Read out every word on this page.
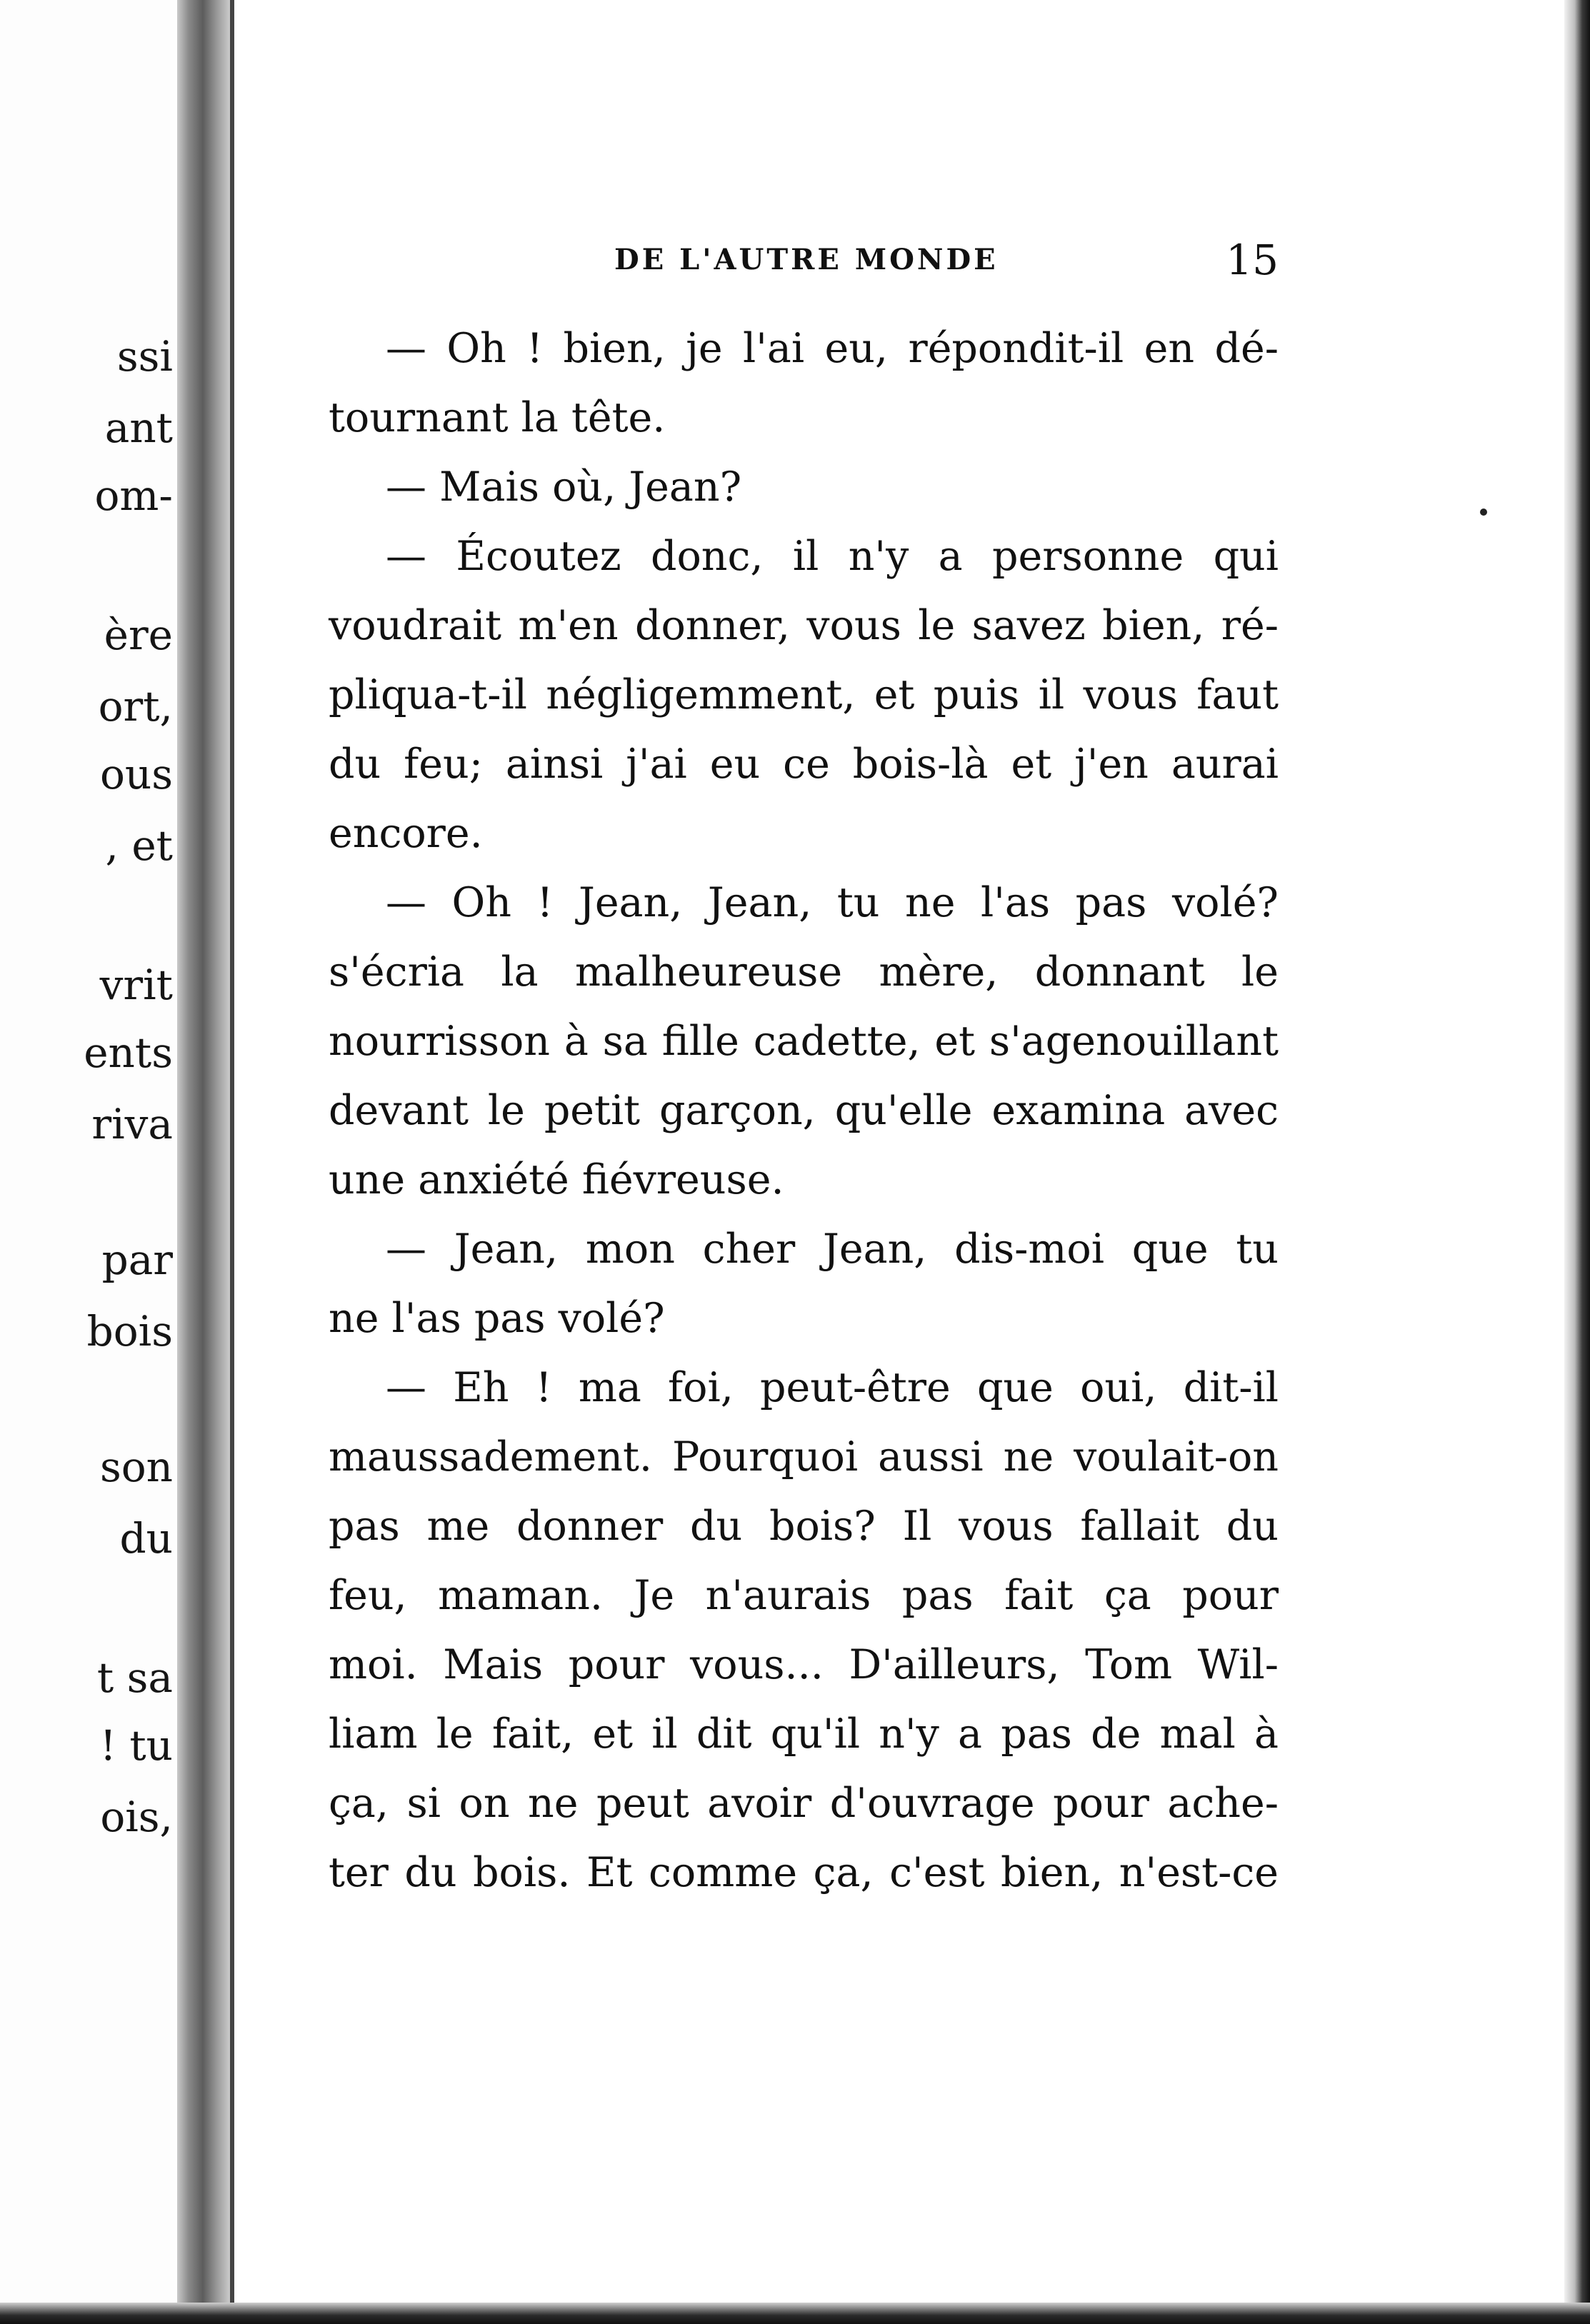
ssi
ant
om-
ère
ort,
ous
, et
vrit
ents
riva
par
bois
son
du
t sa
! tu
ois,
DE L'AUTRE MONDE	15
— Oh ! bien, je l'ai eu, répondit-il en dé-
tournant la tête.
— Mais où, Jean?
— Écoutez donc, il n'y a personne qui
voudrait m'en donner, vous le savez bien, ré-
pliqua-t-il négligemment, et puis il vous faut
du feu; ainsi j'ai eu ce bois-là et j'en aurai
encore.
— Oh ! Jean, Jean, tu ne l'as pas volé?
s'écria la malheureuse mère, donnant le
nourrisson à sa fille cadette, et s'agenouillant
devant le petit garçon, qu'elle examina avec
une anxiété fiévreuse.
— Jean, mon cher Jean, dis-moi que tu
ne l'as pas volé?
— Eh ! ma foi, peut-être que oui, dit-il
maussadement. Pourquoi aussi ne voulait-on
pas me donner du bois? Il vous fallait du
feu, maman. Je n'aurais pas fait ça pour
moi. Mais pour vous... D'ailleurs, Tom Wil-
liam le fait, et il dit qu'il n'y a pas de mal à
ça, si on ne peut avoir d'ouvrage pour ache-
ter du bois. Et comme ça, c'est bien, n'est-ce
